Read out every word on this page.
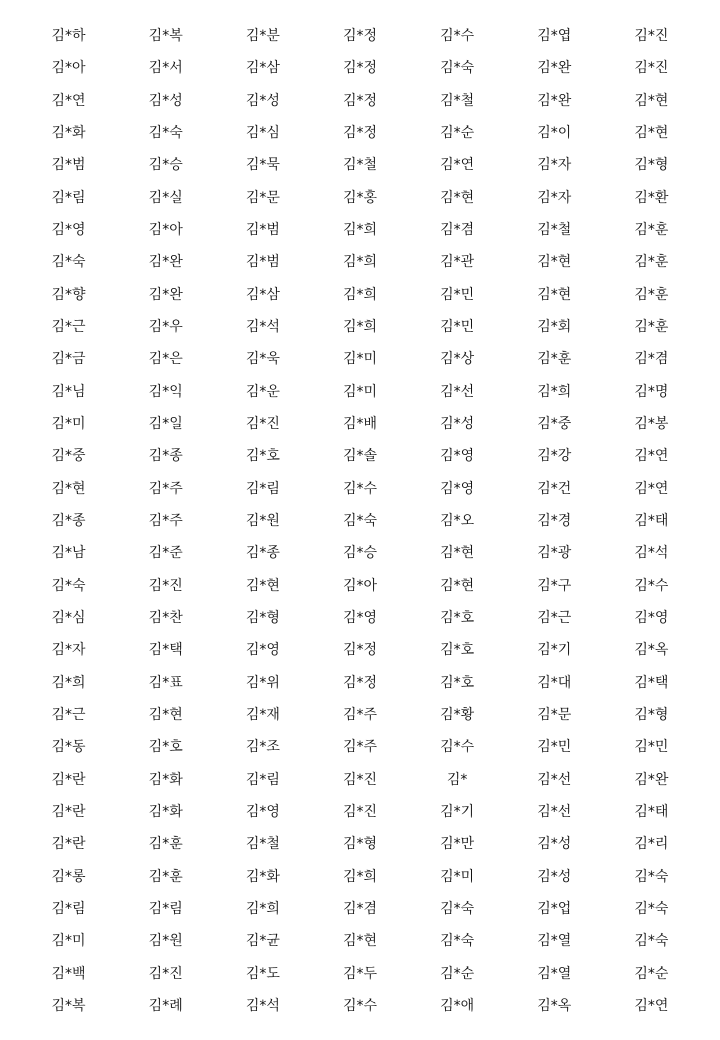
김*하	김*복	김*분	김*정	김*수	김*엽	김*진
김*아	김*서	김*삼	김*정	김*숙	김*완	김*진
김*연	김*성	김*성	김*정	김*철	김*완	김*현
김*화	김*숙	김*심	김*정	김*순	김*이	김*현
김*범	김*승	김*묵	김*철	김*연	김*자	김*형
김*림	김*실	김*문	김*홍	김*현	김*자	김*환
김*영	김*아	김*범	김*희	김*겸	김*철	김*훈
김*숙	김*완	김*범	김*희	김*관	김*현	김*훈
김*향	김*완	김*삼	김*희	김*민	김*현	김*훈
김*근	김*우	김*석	김*희	김*민	김*회	김*훈
김*금	김*은	김*욱	김*미	김*상	김*훈	김*겸
김*님	김*익	김*운	김*미	김*선	김*희	김*명
김*미	김*일	김*진	김*배	김*성	김*중	김*봉
김*중	김*종	김*호	김*솔	김*영	김*강	김*연
김*현	김*주	김*림	김*수	김*영	김*건	김*연
김*종	김*주	김*원	김*숙	김*오	김*경	김*태
김*남	김*준	김*종	김*승	김*현	김*광	김*석
김*숙	김*진	김*현	김*아	김*현	김*구	김*수
김*심	김*찬	김*형	김*영	김*호	김*근	김*영
김*자	김*택	김*영	김*정	김*호	김*기	김*옥
김*희	김*표	김*위	김*정	김*호	김*대	김*택
김*근	김*현	김*재	김*주	김*황	김*문	김*형
김*동	김*호	김*조	김*주	김*수	김*민	김*민
김*란	김*화	김*림	김*진	김*	김*선	김*완
김*란	김*화	김*영	김*진	김*기	김*선	김*태
김*란	김*훈	김*철	김*형	김*만	김*성	김*리
김*롱	김*훈	김*화	김*희	김*미	김*성	김*숙
김*림	김*림	김*희	김*겸	김*숙	김*업	김*숙
김*미	김*원	김*균	김*현	김*숙	김*열	김*숙
김*백	김*진	김*도	김*두	김*순	김*열	김*순
김*복	김*례	김*석	김*수	김*애	김*옥	김*연
